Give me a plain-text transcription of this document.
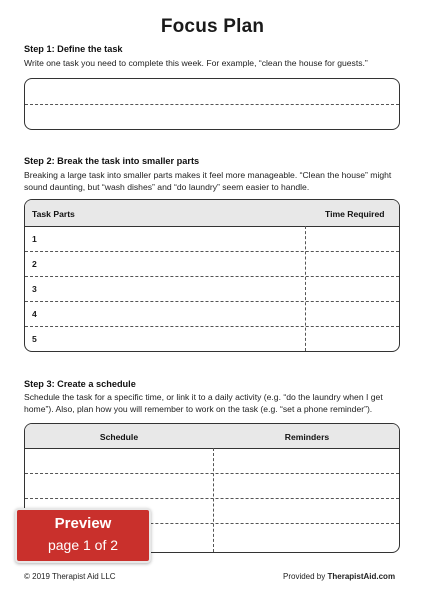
Focus Plan
Step 1: Define the task
Write one task you need to complete this week. For example, “clean the house for guests.”
Step 2: Break the task into smaller parts
Breaking a large task into smaller parts makes it feel more manageable. “Clean the house” might sound daunting, but “wash dishes” and “do laundry” seem easier to handle.
Task Parts	Time Required
1
2
3
4
5
Step 3: Create a schedule
Schedule the task for a specific time, or link it to a daily activity (e.g. “do the laundry when I get home”). Also, plan how you will remember to work on the task (e.g. “set a phone reminder”).
Schedule	Reminders
Preview
page 1 of 2
© 2019 Therapist Aid LLC	Provided by TherapistAid.com
